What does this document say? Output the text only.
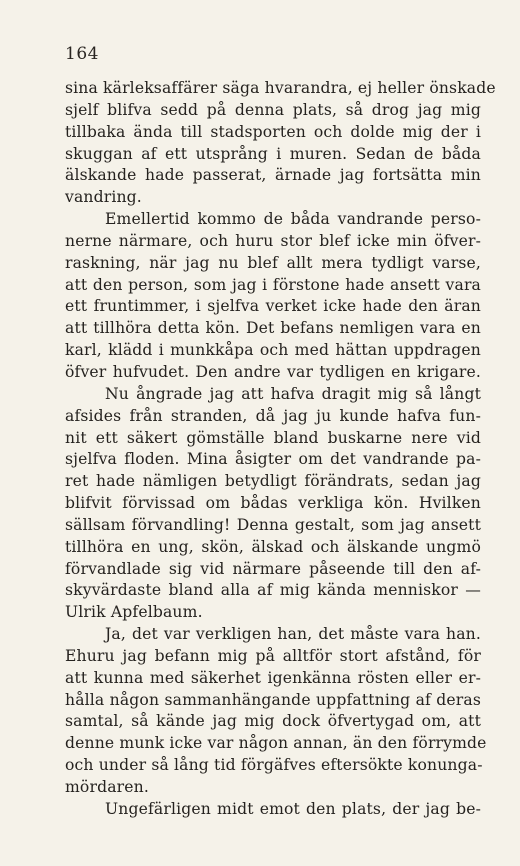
164
sina kärleksaffärer säga hvarandra, ej heller önskade
sjelf blifva sedd på denna plats, så drog jag mig
tillbaka ända till stadsporten och dolde mig der i
skuggan af ett utsprång i muren. Sedan de båda
älskande hade passerat, ärnade jag fortsätta min
vandring.
Emellertid kommo de båda vandrande perso-
nerne närmare, och huru stor blef icke min öfver-
raskning, när jag nu blef allt mera tydligt varse,
att den person, som jag i förstone hade ansett vara
ett fruntimmer, i sjelfva verket icke hade den äran
att tillhöra detta kön. Det befans nemligen vara en
karl, klädd i munkkåpa och med hättan uppdragen
öfver hufvudet. Den andre var tydligen en krigare.
Nu ångrade jag att hafva dragit mig så långt
afsides från stranden, då jag ju kunde hafva fun-
nit ett säkert gömställe bland buskarne nere vid
sjelfva floden. Mina åsigter om det vandrande pa-
ret hade nämligen betydligt förändrats, sedan jag
blifvit förvissad om bådas verkliga kön. Hvilken
sällsam förvandling! Denna gestalt, som jag ansett
tillhöra en ung, skön, älskad och älskande ungmö
förvandlade sig vid närmare påseende till den af-
skyvärdaste bland alla af mig kända menniskor —
Ulrik Apfelbaum.
Ja, det var verkligen han, det måste vara han.
Ehuru jag befann mig på alltför stort afstånd, för
att kunna med säkerhet igenkänna rösten eller er-
hålla någon sammanhängande uppfattning af deras
samtal, så kände jag mig dock öfvertygad om, att
denne munk icke var någon annan, än den förrymde
och under så lång tid förgäfves eftersökte konunga-
mördaren.
Ungefärligen midt emot den plats, der jag be-
